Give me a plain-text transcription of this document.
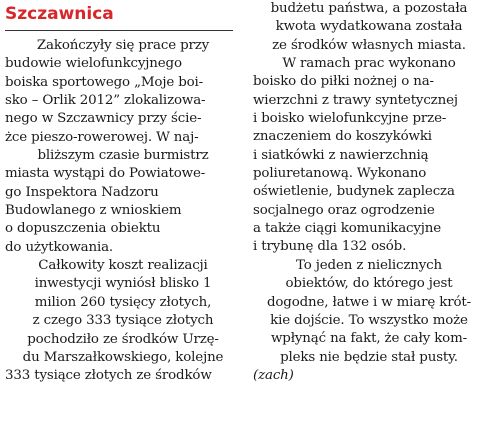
Szczawnica
Zakończyły się prace przy
budowie wielofunkcyjnego
boiska sportowego „Moje boi-
sko – Orlik 2012” zlokalizowa-
nego w Szczawnicy przy ście-
żce pieszo-rowerowej. W naj-
bliższym czasie burmistrz
miasta wystąpi do Powiatowe-
go Inspektora Nadzoru
Budowlanego z wnioskiem
o dopuszczenia obiektu
do użytkowania.
Całkowity koszt realizacji
inwestycji wyniósł blisko 1
milion 260 tysięcy złotych,
z czego 333 tysiące złotych
pochodziło ze środków Urzę-
du Marszałkowskiego, kolejne
333 tysiące złotych ze środków
budżetu państwa, a pozostała
kwota wydatkowana została
ze środków własnych miasta.
W ramach prac wykonano
boisko do piłki nożnej o na-
wierzchni z trawy syntetycznej
i boisko wielofunkcyjne prze-
znaczeniem do koszykówki
i siatkówki z nawierzchnią
poliuretanową. Wykonano
oświetlenie, budynek zaplecza
socjalnego oraz ogrodzenie
a także ciągi komunikacyjne
i trybunę dla 132 osób.
To jeden z nielicznych
obiektów, do którego jest
dogodne, łatwe i w miarę krót-
kie dojście. To wszystko może
wpłynąć na fakt, że cały kom-
pleks nie będzie stał pusty.
(zach)
